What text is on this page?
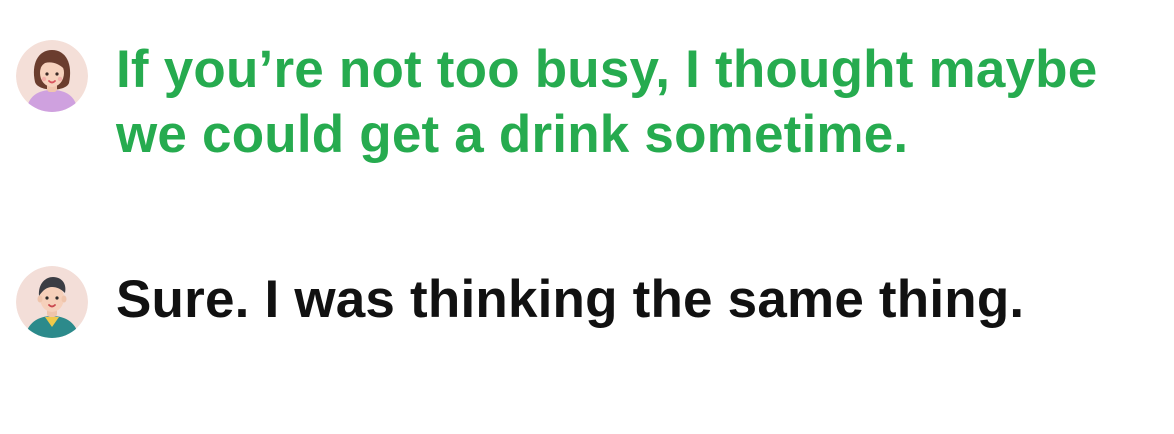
If you’re not too busy, I thought maybe
we could get a drink sometime.
Sure. I was thinking the same thing.
